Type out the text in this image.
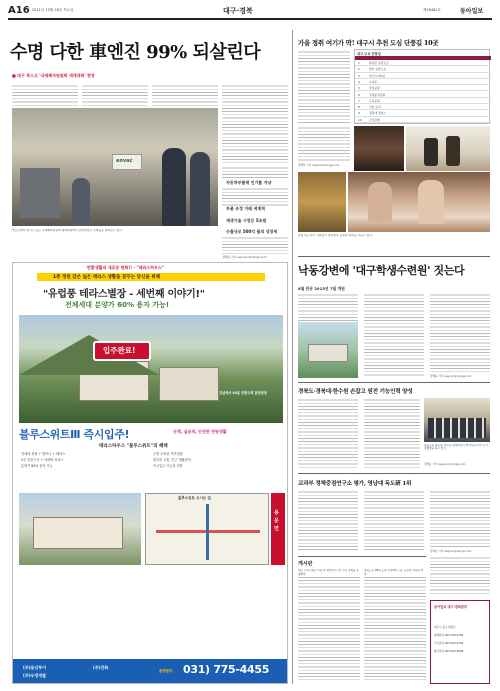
A16 2011년 10월 28일 목요일	대구·경북	제28462호	동아일보
수명 다한 車엔진 99% 되살린다
■ 대구 북스고 '국제폐자원원회 세계대회' 현장
envac
엑스코에서 열리고 있는 국제폐자원원회 세계대회에서 관계자들이 신제품을 살펴보고 있다.
자동차부품재 인기를 겨냥
부품 조정 거래 세계적
재생기술 시장은 5조원
수출규모 500억 불의 성장세
정해윤 기자 ewyoon@donga.com
반환생활의 새로운 변화!! - "테라스하우스"
1층 정원 같은 넓은 테라스 생활을 꿈꾸는 당신을 위해
"유럽풍 테라스별장 - 세번째 이야기!"
전체세대 분양가 60% 용자 가능!
입주완료!
강남에서 40분 전원주택 분양현장
블루스위트Ⅲ 즉시입주!	산책, 실용적, 안전한 전원생활
테라스하우스 "블루스위트"의 혜택
전세대 정원 + 발코니 + 테라스
2층 복층구조 + 다락방 서비스
분양가 60% 용자 가능
주변 수려한 자연경관
편리한 교통, 인근 생활편의
즉시입주 가능한 현장
블루스위트 오시는 길
용문면
(주)용인투어
(주)우경개발
(주)건화
분양문의 031) 775-4455
가을 정취 여기가 딱! 대구시 추천 도심 단풍길 10곳
대구 주요 단풍길
1	팔공산 순환도로
2	앞산 순환도로
3	대구스타디움
4	수성못
5	달성공원
6	국채보상공원
7	두류공원
8	신천 둔치
9	경북대 캠퍼스
10	금호강변
정해윤 기자 ewyoon@donga.com
농협 대구본부 직원들이 정원에서 김장용 배추를 다듬고 있다.
낙동강변에 '대구학생수련원' 짓는다
8월 완공 2013년 7월 개원
정해윤 기자 ewyoon@donga.com
경북도·경북대·한수원 손잡고 원전 기능인력 양성
경북도와 경북대, 한수원 관계자들이 협약식을 마친 뒤 기념촬영을 하고 있다.
정해윤 기자 ewyoon@donga.com
교과부 정책중점연구소 평가, 영남대 독도硏 1위
정해윤 기자 ewyoon@donga.com
게시판
대구 수성구청은 다음 달 1일부터 구민 건강 강좌를 운영한다.
경북도는 28일 도청 강당에서 시군 공무원 교육을 연다.
동아일보 대구·경북본부
대구시 중구 태평로
취재문의 053-756-6780
구독문의 053-252-6700
광고문의 053-252-0008
